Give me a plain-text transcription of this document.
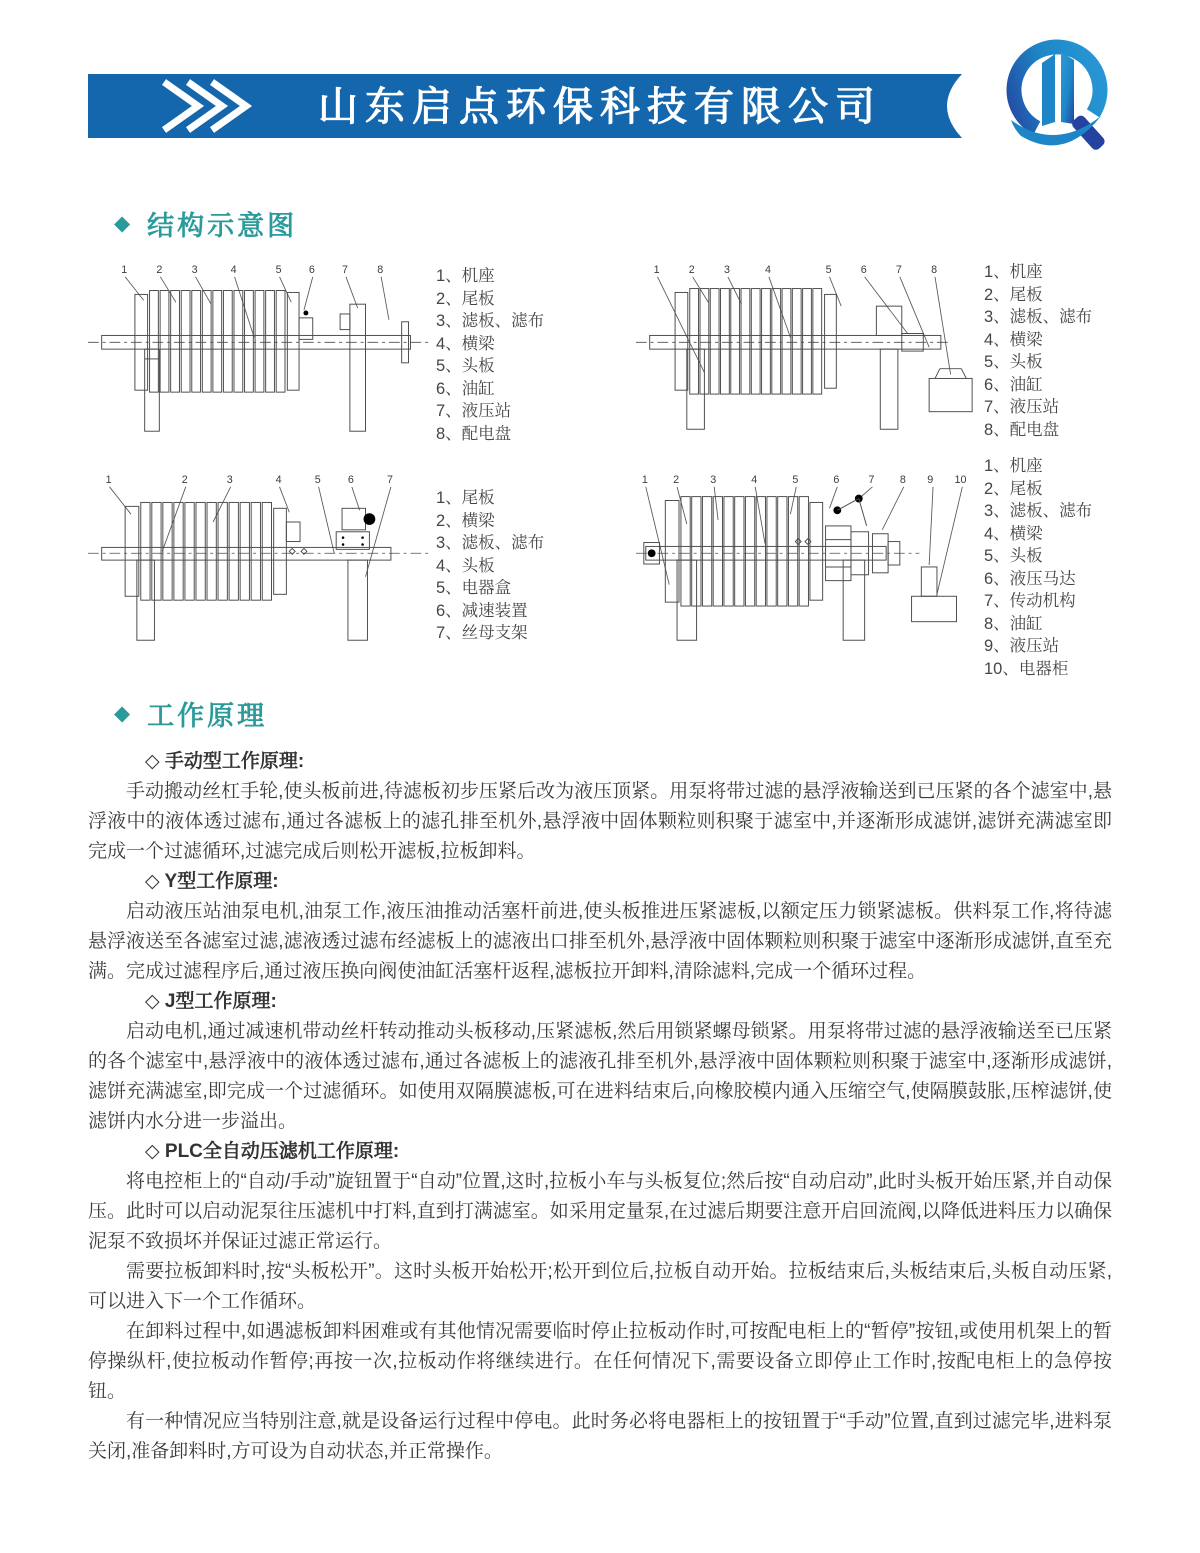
山东启点环保科技有限公司
◆ 结构示意图
1	2	3	4	5 6 7	8	1、机座
2、尾板
3、滤板、滤布
4、横梁
5、头板
6、油缸
7、液压站
8、配电盘
1	2	3	4	5	6	7	8	1、机座
2、尾板
3、滤板、滤布
4、横梁
5、头板
6、油缸
7、液压站
8、配电盘
1	2	3	4	5 6	7
1、尾板
2、横梁
3、滤板、滤布
4、头板
5、电器盒
6、减速装置
7、丝母支架
1 2	3	4	5	6	7 8 9 10
1、机座
2、尾板
3、滤板、滤布
4、横梁
5、头板
6、液压马达
7、传动机构
8、油缸
9、液压站
10、电器柜
◆ 工作原理

◇ 手动型工作原理:

手动搬动丝杠手轮,使头板前进,待滤板初步压紧后改为液压顶紧。用泵将带过滤的悬浮液输送到已压紧的各个滤室中,悬浮液中的液体透过滤布,通过各滤板上的滤孔排至机外,悬浮液中固体颗粒则积聚于滤室中,并逐渐形成滤饼,滤饼充满滤室即完成一个过滤循环,过滤完成后则松开滤板,拉板卸料。

◇ Y型工作原理:

启动液压站油泵电机,油泵工作,液压油推动活塞杆前进,使头板推进压紧滤板,以额定压力锁紧滤板。供料泵工作,将待滤悬浮液送至各滤室过滤,滤液透过滤布经滤板上的滤液出口排至机外,悬浮液中固体颗粒则积聚于滤室中逐渐形成滤饼,直至充满。完成过滤程序后,通过液压换向阀使油缸活塞杆返程,滤板拉开卸料,清除滤料,完成一个循环过程。

◇ J型工作原理:

启动电机,通过减速机带动丝杆转动推动头板移动,压紧滤板,然后用锁紧螺母锁紧。用泵将带过滤的悬浮液输送至已压紧的各个滤室中,悬浮液中的液体透过滤布,通过各滤板上的滤液孔排至机外,悬浮液中固体颗粒则积聚于滤室中,逐渐形成滤饼,滤饼充满滤室,即完成一个过滤循环。如使用双隔膜滤板,可在进料结束后,向橡胶模内通入压缩空气,使隔膜鼓胀,压榨滤饼,使滤饼内水分进一步溢出。

◇ PLC全自动压滤机工作原理:

将电控柜上的“自动/手动”旋钮置于“自动”位置,这时,拉板小车与头板复位;然后按“自动启动”,此时头板开始压紧,并自动保压。此时可以启动泥泵往压滤机中打料,直到打满滤室。如采用定量泵,在过滤后期要注意开启回流阀,以降低进料压力以确保泥泵不致损坏并保证过滤正常运行。

需要拉板卸料时,按“头板松开”。这时头板开始松开;松开到位后,拉板自动开始。拉板结束后,头板结束后,头板自动压紧,可以进入下一个工作循环。

在卸料过程中,如遇滤板卸料困难或有其他情况需要临时停止拉板动作时,可按配电柜上的“暂停”按钮,或使用机架上的暂停操纵杆,使拉板动作暂停;再按一次,拉板动作将继续进行。在任何情况下,需要设备立即停止工作时,按配电柜上的急停按钮。

有一种情况应当特别注意,就是设备运行过程中停电。此时务必将电器柜上的按钮置于“手动”位置,直到过滤完毕,进料泵关闭,准备卸料时,方可设为自动状态,并正常操作。
